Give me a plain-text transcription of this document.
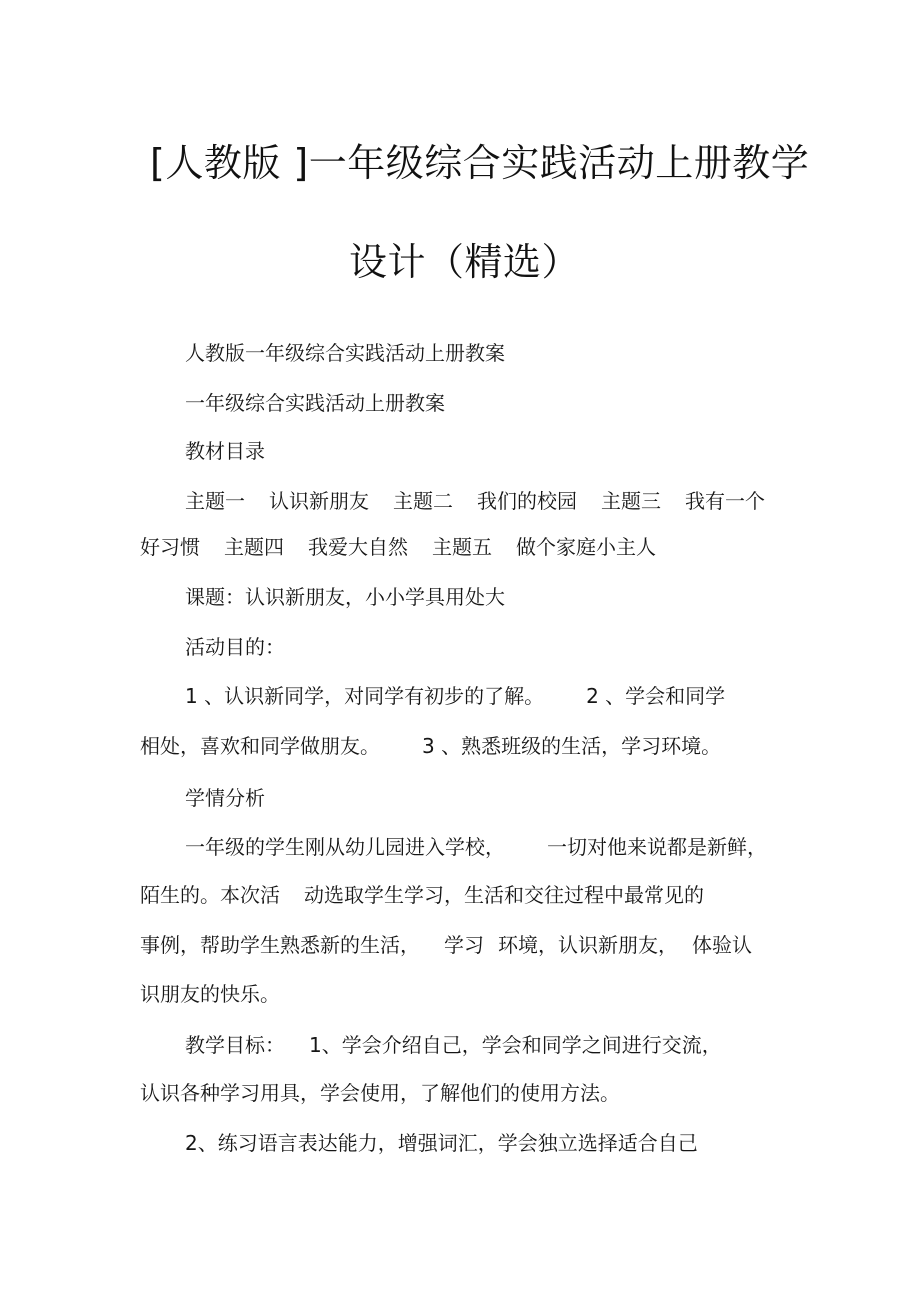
[人教版 ]一年级综合实践活动上册教学
设计（精选）

人教版一年级综合实践活动上册教案

一年级综合实践活动上册教案

教材目录

主题一 认识新朋友 主题二 我们的校园 主题三 我有一个

好习惯 主题四 我爱大自然 主题五 做个家庭小主人

课题：认识新朋友，小小学具用处大

活动目的：

1 、认识新同学，对同学有初步的了解。 2 、学会和同学

相处，喜欢和同学做朋友。 3 、熟悉班级的生活，学习环境。

学情分析

一年级的学生刚从幼儿园进入学校， 一切对他来说都是新鲜，

陌生的。本次活 动选取学生学习，生活和交往过程中最常见的

事例，帮助学生熟悉新的生活， 学习 环境，认识新朋友， 体验认

识朋友的快乐。

教学目标： 1、学会介绍自己，学会和同学之间进行交流，

认识各种学习用具，学会使用，了解他们的使用方法。

2、练习语言表达能力，增强词汇，学会独立选择适合自己
